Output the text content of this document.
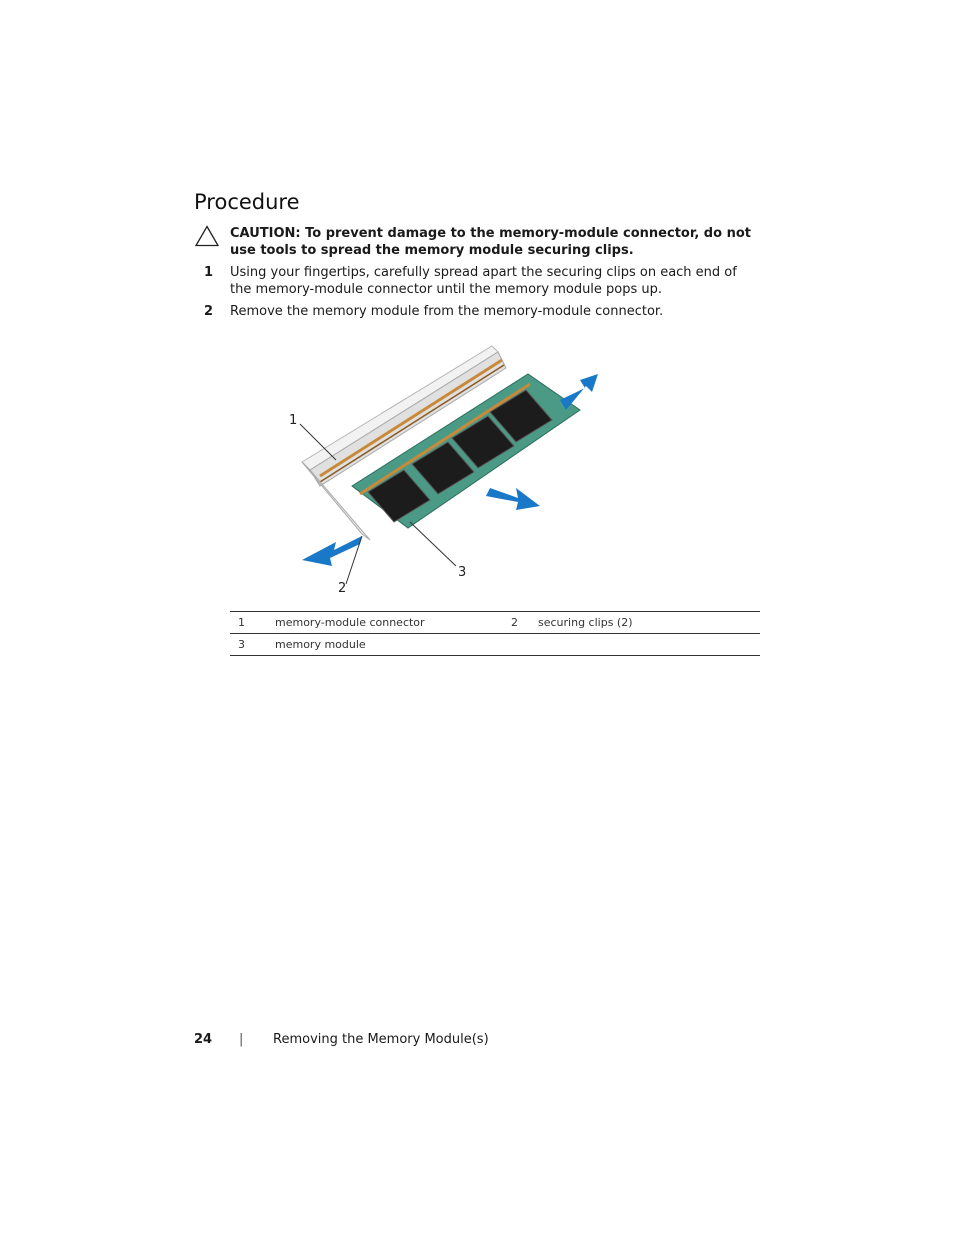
Procedure
CAUTION: To prevent damage to the memory-module connector, do not use tools to spread the memory module securing clips.
1 Using your fingertips, carefully spread apart the securing clips on each end of the memory-module connector until the memory module pops up.
2 Remove the memory module from the memory-module connector.
1
2
3
1	memory-module connector	2	securing clips (2)
3	memory module		
24 | Removing the Memory Module(s)
